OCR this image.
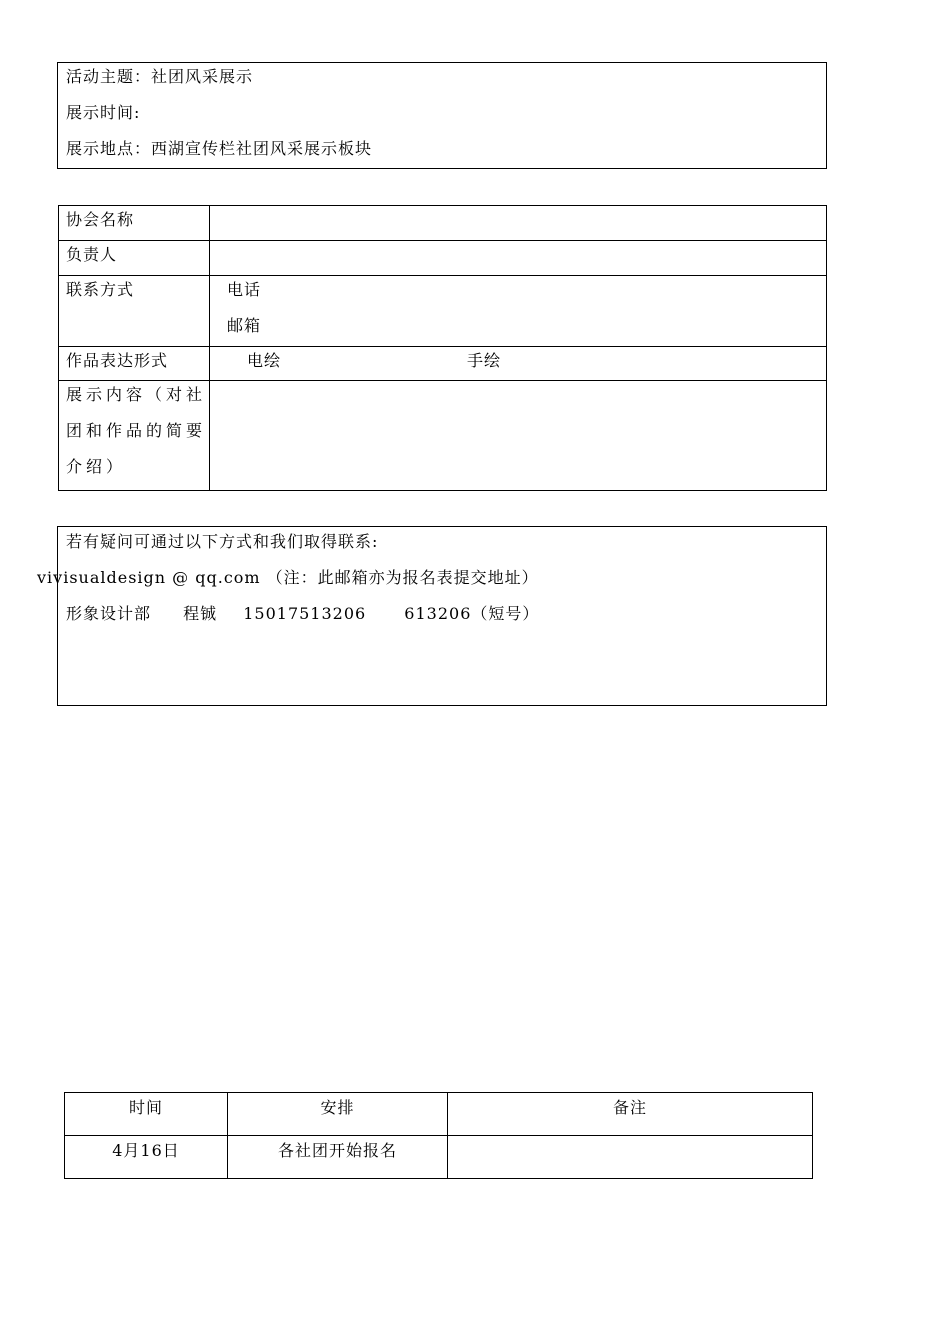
活动主题：社团风采展示
展示时间:
展示地点：西湖宣传栏社团风采展示板块
协会名称	

负责人	

联系方式	电话
邮箱

作品表达形式	电绘 手绘

展示内容（对社
团和作品的简要
介绍）	

若有疑问可通过以下方式和我们取得联系:
vivisualdesign @ qq.com （注：此邮箱亦为报名表提交地址）
形象设计部 程铖 15017513206 613206（短号）
时间	安排	备注

4月16日	各社团开始报名	
